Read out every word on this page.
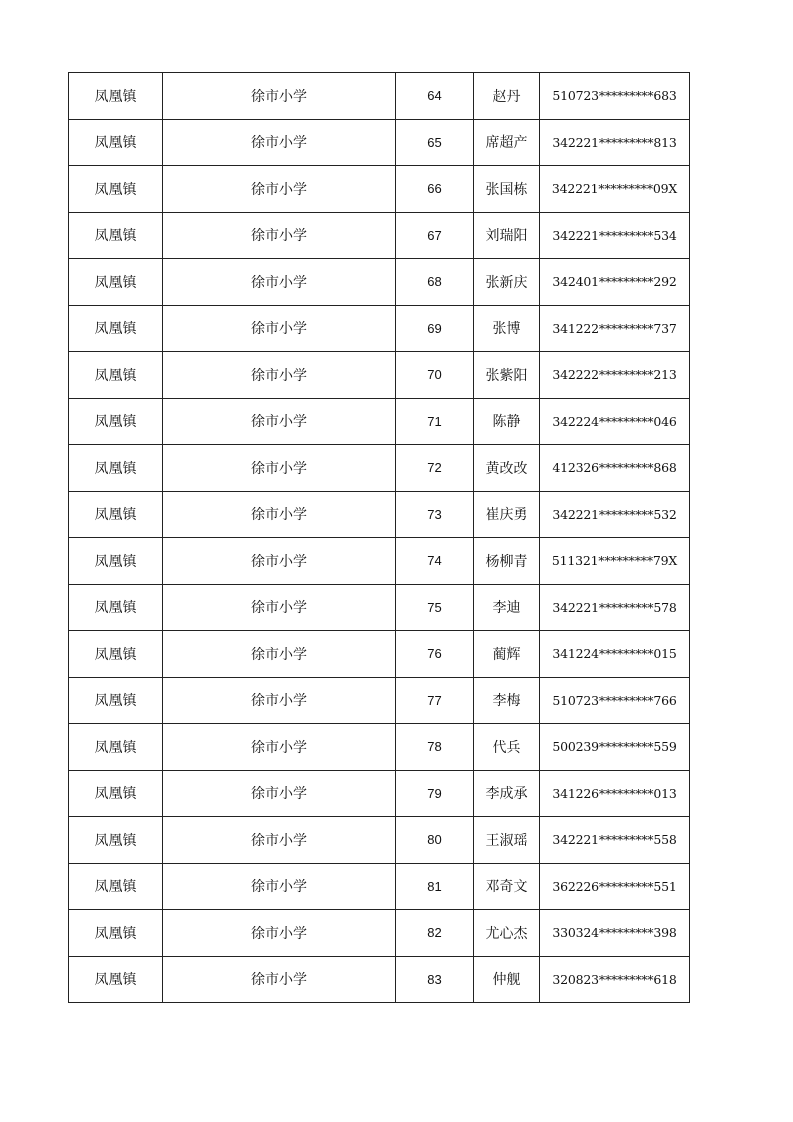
凤凰镇	徐市小学	64	赵丹	510723*********683
凤凰镇	徐市小学	65	席超产	342221*********813
凤凰镇	徐市小学	66	张国栋	342221*********09X
凤凰镇	徐市小学	67	刘瑞阳	342221*********534
凤凰镇	徐市小学	68	张新庆	342401*********292
凤凰镇	徐市小学	69	张博	341222*********737
凤凰镇	徐市小学	70	张紫阳	342222*********213
凤凰镇	徐市小学	71	陈静	342224*********046
凤凰镇	徐市小学	72	黄改改	412326*********868
凤凰镇	徐市小学	73	崔庆勇	342221*********532
凤凰镇	徐市小学	74	杨柳青	511321*********79X
凤凰镇	徐市小学	75	李迪	342221*********578
凤凰镇	徐市小学	76	蔺辉	341224*********015
凤凰镇	徐市小学	77	李梅	510723*********766
凤凰镇	徐市小学	78	代兵	500239*********559
凤凰镇	徐市小学	79	李成承	341226*********013
凤凰镇	徐市小学	80	王淑瑶	342221*********558
凤凰镇	徐市小学	81	邓奇文	362226*********551
凤凰镇	徐市小学	82	尤心杰	330324*********398
凤凰镇	徐市小学	83	仲舰	320823*********618
